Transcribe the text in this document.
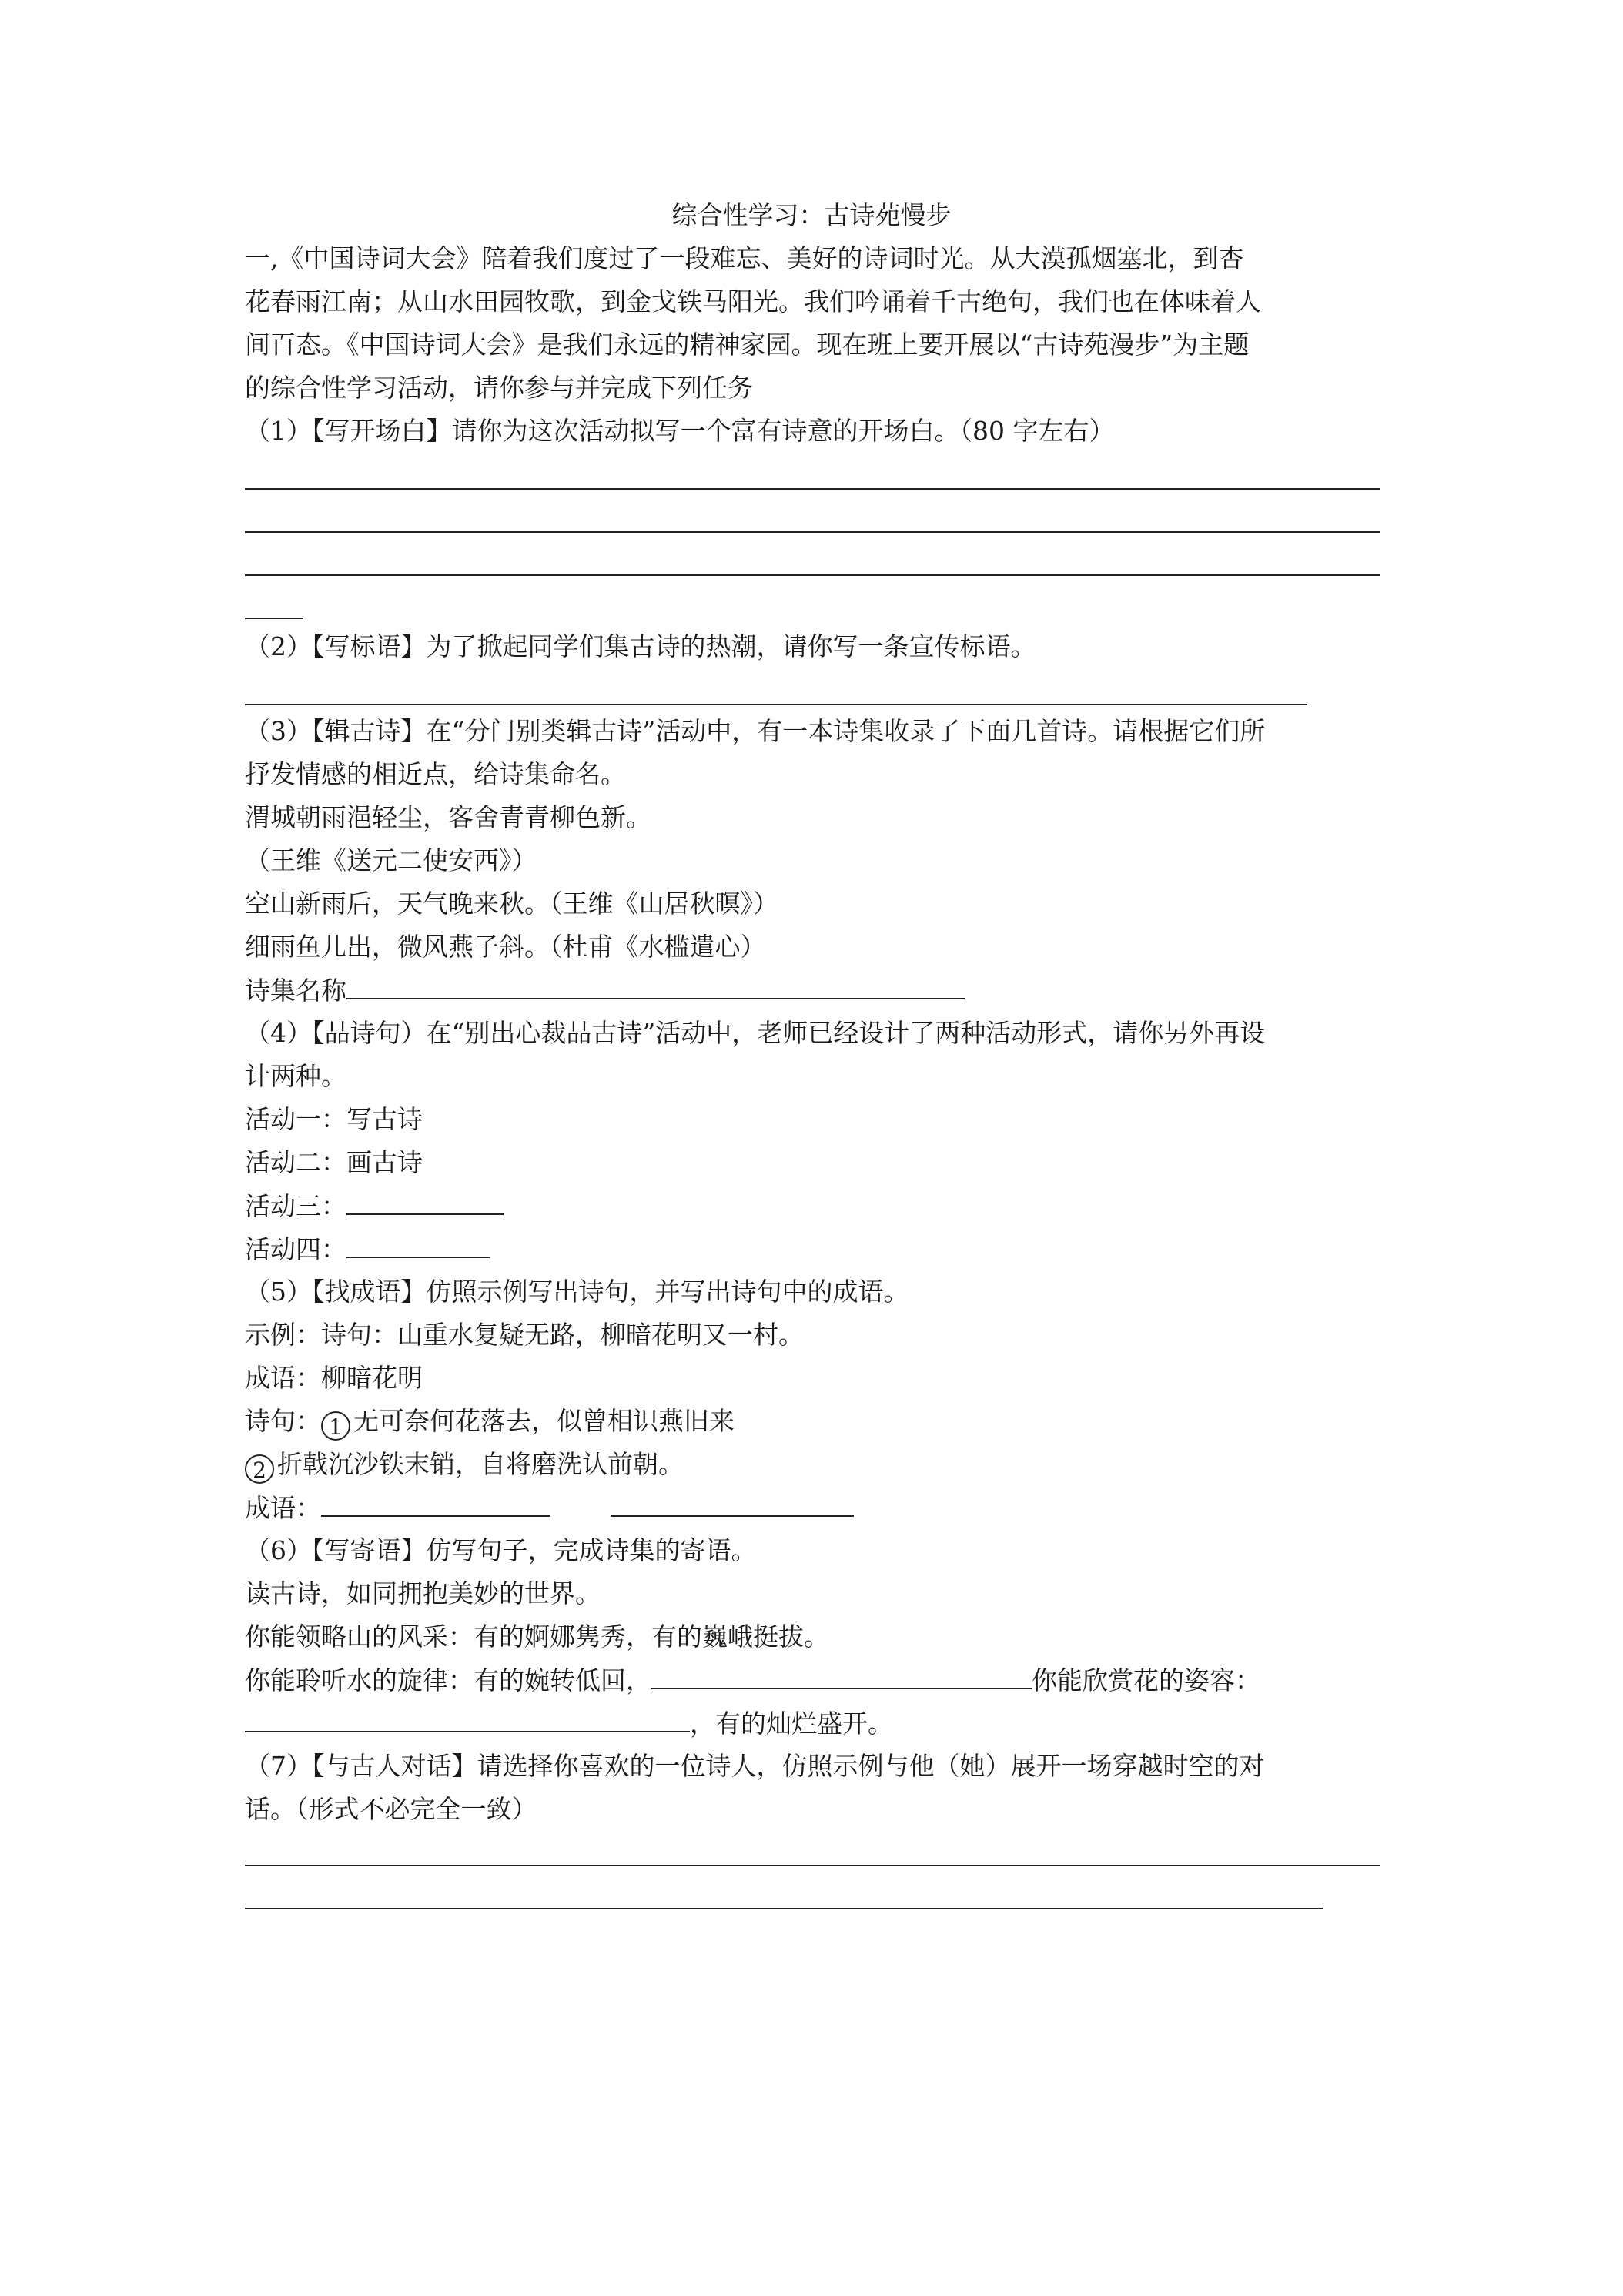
综合性学习：古诗苑慢步
一,《中国诗词大会》陪着我们度过了一段难忘、美好的诗词时光。从大漠孤烟塞北，到杏
花春雨江南；从山水田园牧歌，到金戈铁马阳光。我们吟诵着千古绝句，我们也在体味着人
间百态。《中国诗词大会》是我们永远的精神家园。现在班上要开展以“古诗苑漫步”为主题
的综合性学习活动，请你参与并完成下列任务
（1）【写开场白】请你为这次活动拟写一个富有诗意的开场白。（80 字左右）
（2）【写标语】为了掀起同学们集古诗的热潮，请你写一条宣传标语。
（3）【辑古诗】在“分门别类辑古诗”活动中，有一本诗集收录了下面几首诗。请根据它们所
抒发情感的相近点，给诗集命名。
渭城朝雨浥轻尘，客舍青青柳色新。
（王维《送元二使安西》）
空山新雨后，天气晚来秋。（王维《山居秋暝》）
细雨鱼儿出，微风燕子斜。（杜甫《水槛遣心）
诗集名称
（4）【品诗句）在“别出心裁品古诗”活动中，老师已经设计了两种活动形式，请你另外再设
计两种。
活动一：写古诗
活动二：画古诗
活动三：
活动四：
（5）【找成语】仿照示例写出诗句，并写出诗句中的成语。
示例：诗句：山重水复疑无路，柳暗花明又一村。
成语：柳暗花明
诗句： 1 无可奈何花落去，似曾相识燕旧来
2 折戟沉沙铁末销，自将磨洗认前朝。
成语：
（6）【写寄语】仿写句子，完成诗集的寄语。
读古诗，如同拥抱美妙的世界。
你能领略山的风采：有的婀娜隽秀，有的巍峨挺拔。
你能聆听水的旋律：有的婉转低回，	你能欣赏花的姿容：
，有的灿烂盛开。
（7）【与古人对话】请选择你喜欢的一位诗人，仿照示例与他（她）展开一场穿越时空的对
话。（形式不必完全一致）
